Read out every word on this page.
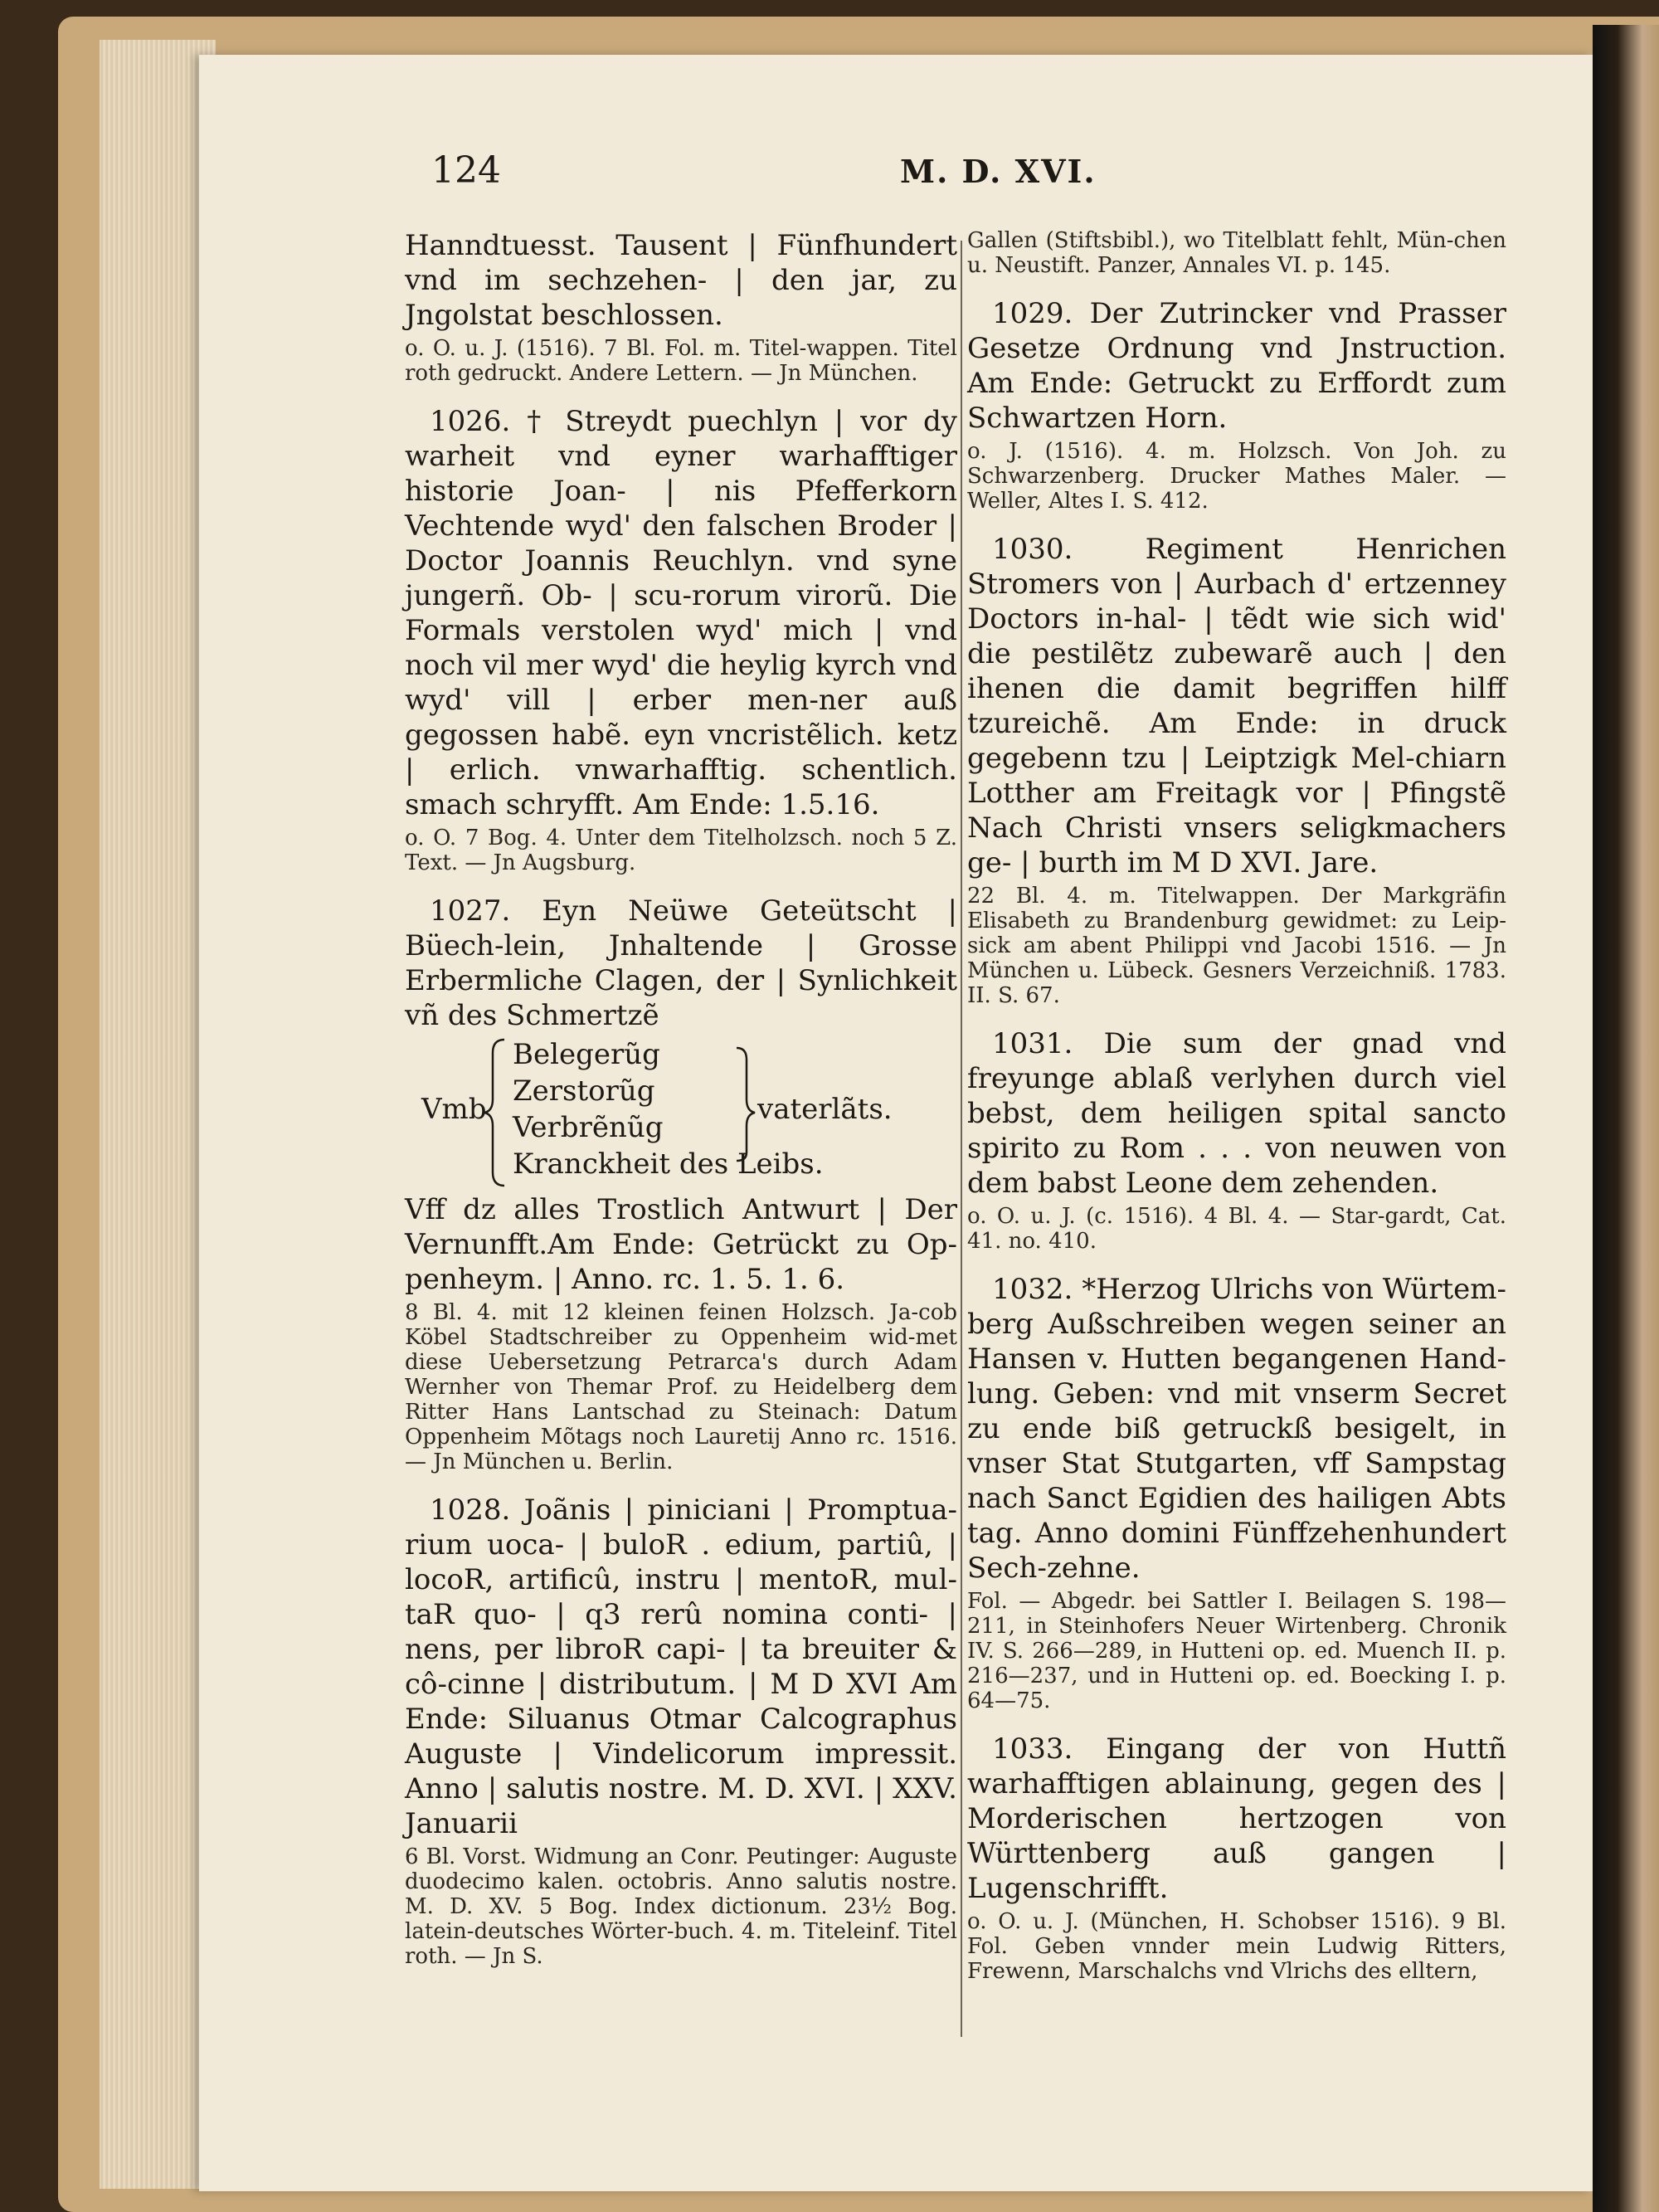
124	M. D. XVI.

Hanndtuesst. Tausent | Fünfhundert vnd im sechzehen- | den jar, zu Jngolstat beschlossen.

o. O. u. J. (1516). 7 Bl. Fol. m. Titel-wappen. Titel roth gedruckt. Andere Lettern. — Jn München.

1026. † Streydt puechlyn | vor dy warheit vnd eyner warhafftiger historie Joan- | nis Pfefferkorn Vechtende wyd' den falschen Broder | Doctor Joannis Reuchlyn. vnd syne jungerñ. Ob- | scu-rorum virorũ. Die Formals verstolen wyd' mich | vnd noch vil mer wyd' die heylig kyrch vnd wyd' vill | erber men-ner auß gegossen habẽ. eyn vncristẽlich. ketz | erlich. vnwarhafftig. schentlich. smach schryfft. Am Ende: 1.5.16.

o. O. 7 Bog. 4. Unter dem Titelholzsch. noch 5 Z. Text. — Jn Augsburg.

1027. Eyn Neüwe Geteütscht | Büech-lein, Jnhaltende | Grosse Erbermliche Clagen, der | Synlichkeit vñ des Schmertzẽ

Vmb
Belegerũg
Zerstorũg
Verbrẽnũg
Kranckheit des Leibs.
vaterlãts.

Vff dz alles Trostlich Antwurt | Der Vernunfft.Am Ende: Getrückt zu Op-penheym. | Anno. rc. 1. 5. 1. 6.

8 Bl. 4. mit 12 kleinen feinen Holzsch. Ja-cob Köbel Stadtschreiber zu Oppenheim wid-met diese Uebersetzung Petrarca's durch Adam Wernher von Themar Prof. zu Heidelberg dem Ritter Hans Lantschad zu Steinach: Datum Oppenheim Mõtags noch Lauretij Anno rc. 1516. — Jn München u. Berlin.

1028. Joãnis | piniciani | Promptua-rium uoca- | buloR . edium, partiû, | locoR, artificû, instru | mentoR, mul-taR quo- | q3 rerû nomina conti- | nens, per libroR capi- | ta breuiter & cô-cinne | distributum. | M D XVI Am Ende: Siluanus Otmar Calcographus Auguste | Vindelicorum impressit. Anno | salutis nostre. M. D. XVI. | XXV. Januarii

6 Bl. Vorst. Widmung an Conr. Peutinger: Auguste duodecimo kalen. octobris. Anno salutis nostre. M. D. XV. 5 Bog. Index dictionum. 23½ Bog. latein-deutsches Wörter-buch. 4. m. Titeleinf. Titel roth. — Jn S.

Gallen (Stiftsbibl.), wo Titelblatt fehlt, Mün-chen u. Neustift. Panzer, Annales VI. p. 145.

1029. Der Zutrincker vnd Prasser Gesetze Ordnung vnd Jnstruction. Am Ende: Getruckt zu Erffordt zum Schwartzen Horn.

o. J. (1516). 4. m. Holzsch. Von Joh. zu Schwarzenberg. Drucker Mathes Maler. — Weller, Altes I. S. 412.

1030.	Regiment Henrichen Stromers von | Aurbach d' ertzenney Doctors in-hal- | tẽdt wie sich wid' die pestilẽtz zubewarẽ auch | den ihenen die damit begriffen hilff tzureichẽ. Am Ende: in druck gegebenn tzu | Leiptzigk Mel-chiarn Lotther am Freitagk vor | Pfingstẽ Nach Christi vnsers seligkmachers ge- | burth im M D XVI. Jare.

22 Bl. 4. m. Titelwappen. Der Markgräfin Elisabeth zu Brandenburg gewidmet: zu Leip-sick am abent Philippi vnd Jacobi 1516. — Jn München u. Lübeck. Gesners Verzeichniß. 1783. II. S. 67.

1031. Die sum der gnad vnd freyunge ablaß verlyhen durch viel bebst, dem heiligen spital sancto spirito zu Rom . . . von neuwen von dem babst Leone dem zehenden.

o. O. u. J. (c. 1516). 4 Bl. 4. — Star-gardt, Cat. 41. no. 410.

1032. *Herzog Ulrichs von Würtem-berg Außschreiben wegen seiner an Hansen v. Hutten begangenen Hand-lung. Geben: vnd mit vnserm Secret zu ende biß getruckß besigelt, in vnser Stat Stutgarten, vff Sampstag nach Sanct Egidien des hailigen Abts tag. Anno domini Fünffzehenhundert Sech-zehne.

Fol. — Abgedr. bei Sattler I. Beilagen S. 198—211, in Steinhofers Neuer Wirtenberg. Chronik IV. S. 266—289, in Hutteni op. ed. Muench II. p. 216—237, und in Hutteni op. ed. Boecking I. p. 64—75.

1033. Eingang der von Huttñ warhafftigen ablainung, gegen des | Morderischen hertzogen von Württenberg auß gangen | Lugenschrifft.

o. O. u. J. (München, H. Schobser 1516). 9 Bl. Fol. Geben vnnder mein Ludwig Ritters, Frewenn, Marschalchs vnd Vlrichs des elltern,
